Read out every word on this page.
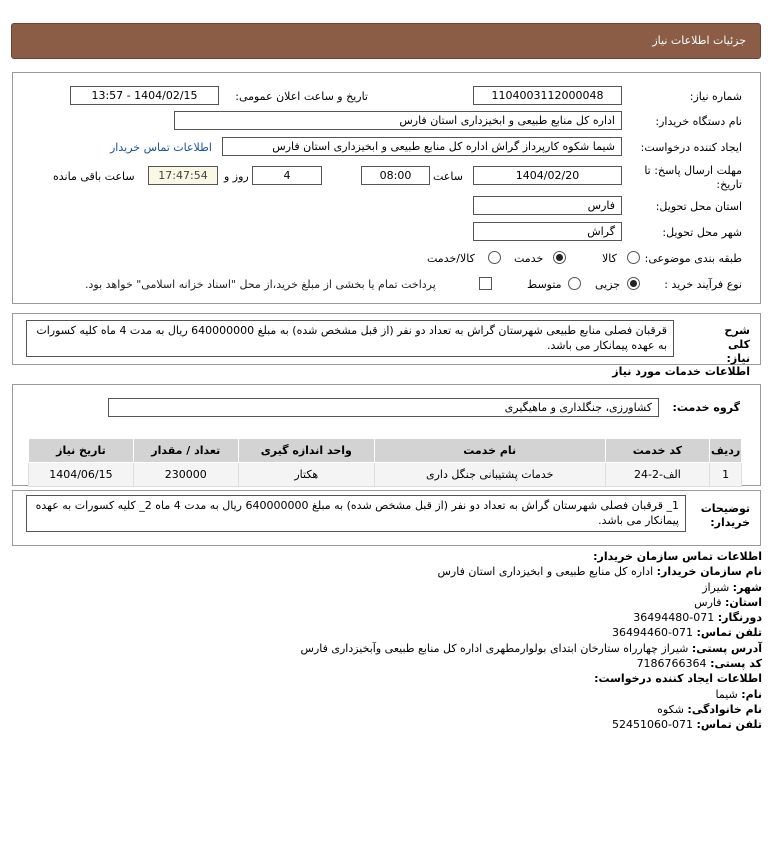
جزئیات اطلاعات نیاز
شماره نیاز:
1104003112000048
تاریخ و ساعت اعلان عمومی:
1404/02/15 - 13:57
نام دستگاه خریدار:
اداره کل منابع طبیعی و ابخیزداری استان فارس
ایجاد کننده درخواست:
شیما شکوه کارپرداز گراش اداره کل منابع طبیعی و ابخیزداری استان فارس
اطلاعات تماس خریدار
مهلت ارسال پاسخ: تا تاریخ:
1404/02/20
ساعت
08:00
4
روز و
17:47:54
ساعت باقی مانده
استان محل تحویل:
فارس
شهر محل تحویل:
گراش
طبقه بندی موضوعی:
کالا
خدمت
کالا/خدمت
نوع فرآیند خرید :
جزیی
متوسط
پرداخت تمام یا بخشی از مبلغ خرید،از محل "اسناد خزانه اسلامی" خواهد بود.
شرح کلی نیاز:
قرقبان فصلی منابع طبیعی شهرستان گراش به تعداد دو نفر (از قبل مشخص شده) به مبلغ 640000000 ریال به مدت 4 ماه کلیه کسورات به عهده پیمانکار می باشد.
اطلاعات خدمات مورد نیاز
گروه خدمت:
کشاورزی، جنگلداری و ماهیگیری
ردیف	کد خدمت	نام خدمت	واحد اندازه گیری	تعداد / مقدار	تاریخ نیاز
1	الف-2-24	خدمات پشتیبانی جنگل داری	هکتار	230000	1404/06/15
توضیحات خریدار:
1_ قرقبان فصلی شهرستان گراش به تعداد دو نفر (از قبل مشخص شده) به مبلغ 640000000 ریال به مدت 4 ماه 2_ کلیه کسورات به عهده پیمانکار می باشد.
اطلاعات تماس سازمان خریدار:
نام سازمان خریدار: اداره کل منابع طبیعی و ابخیزداری استان فارس
شهر: شیراز
استان: فارس
دورنگار: 071-36494480
تلفن تماس: 071-36494460
آدرس پستی: شیراز چهارراه ستارخان ابتدای بولوارمطهری اداره کل منابع طبیعی وآبخیزداری فارس
کد پستی: 7186766364
اطلاعات ایجاد کننده درخواست:
نام: شیما
نام خانوادگی: شکوه
تلفن تماس: 071-52451060
